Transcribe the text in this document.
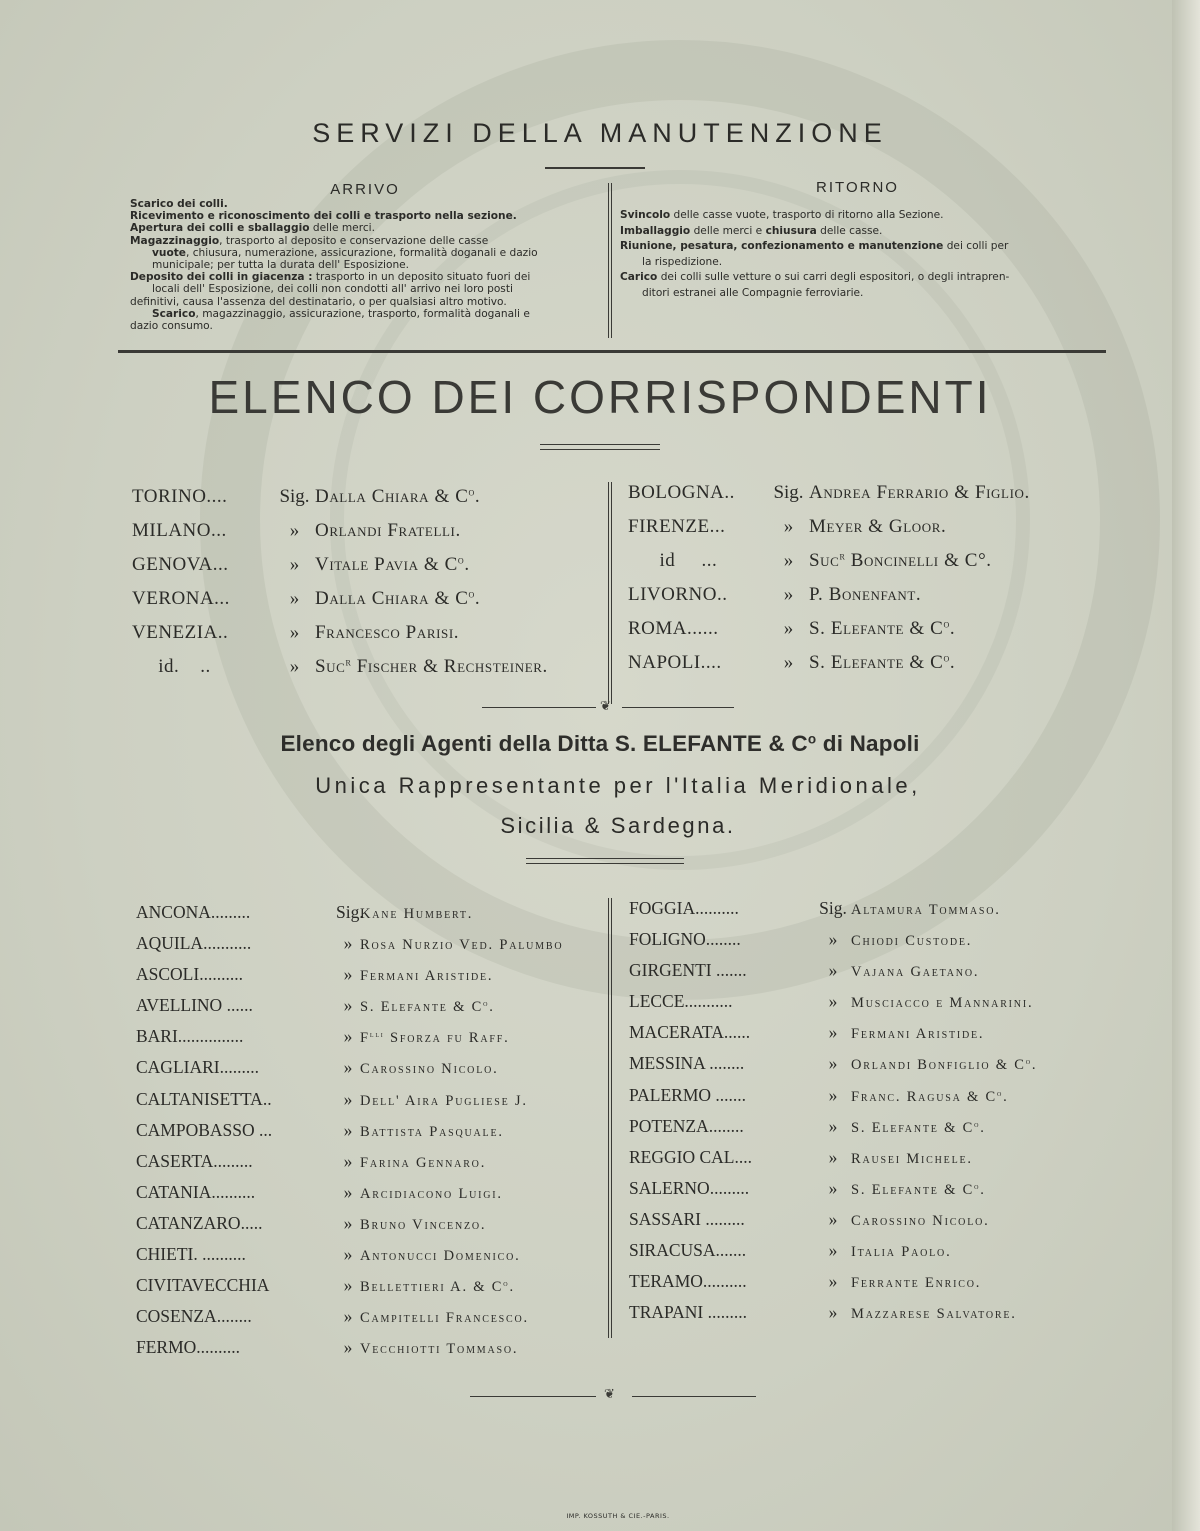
SERVIZI DELLA MANUTENZIONE
ARRIVO
Scarico dei colli.
Ricevimento e riconoscimento dei colli e trasporto nella sezione.
Apertura dei colli e sballaggio delle merci.
Magazzinaggio, trasporto al deposito e conservazione delle casse
vuote, chiusura, numerazione, assicurazione, formalità doganali e dazio
municipale; per tutta la durata dell' Esposizione.
Deposito dei colli in giacenza : trasporto in un deposito situato fuori dei
locali dell' Esposizione, dei colli non condotti all' arrivo nei loro posti
definitivi, causa l'assenza del destinatario, o per qualsiasi altro motivo.
Scarico, magazzinaggio, assicurazione, trasporto, formalità doganali e
dazio consumo.
RITORNO
Svincolo delle casse vuote, trasporto di ritorno alla Sezione.
Imballaggio delle merci e chiusura delle casse.
Riunione, pesatura, confezionamento e manutenzione dei colli per
la rispedizione.
Carico dei colli sulle vetture o sui carri degli espositori, o degli intrapren-
ditori estranei alle Compagnie ferroviarie.
ELENCO DEI CORRISPONDENTI
TORINO....	Sig. Dalla Chiara & $C^o$.
MILANO...	» Orlandi Fratelli.
GENOVA...	» Vitale Pavia & $C^o$.
VERONA...	» Dalla Chiara & $C^o$.
VENEZIA..	» Francesco Parisi.
id.    ..	» Suc$^r$ Fischer & Rechsteiner.
BOLOGNA.. Sig. Andrea Ferrario & Figlio.
FIRENZE...	» Meyer & Gloor.
id     ...	» Suc$^r$ Boncinelli & C°.
LIVORNO..	» P. Bonenfant.
ROMA......	» S. Elefante & $C^o$.
NAPOLI....	» S. Elefante & $C^o$.
❦
Elenco degli Agenti della Ditta S. ELEFANTE & $C^o$ di Napoli
Unica Rappresentante per l'Italia Meridionale,
Sicilia & Sardegna.
ANCONA.........	Sig.Kane Humbert.
AQUILA...........	» Rosa Nurzio Ved. Palumbo
ASCOLI..........	» Fermani Aristide.
AVELLINO ......	» S. Elefante & $C^o$.
BARI...............	» $F^{lli}$ Sforza fu Raff.
CAGLIARI.........	» Carossino Nicolo.
CALTANISETTA..	» Dell' Aira Pugliese J.
CAMPOBASSO ...	» Battista Pasquale.
CASERTA.........	» Farina Gennaro.
CATANIA..........	» Arcidiacono Luigi.
CATANZARO.....	» Bruno Vincenzo.
CHIETI. ..........	» Antonucci Domenico.
CIVITAVECCHIA	» Bellettieri A. & $C^o$.
COSENZA........	» Campitelli Francesco.
FERMO..........	» Vecchiotti Tommaso.
FOGGIA..........	Sig. Altamura Tommaso.
FOLIGNO........	» Chiodi Custode.
GIRGENTI .......	» Vajana Gaetano.
LECCE...........	» Musciacco e Mannarini.
MACERATA......	» Fermani Aristide.
MESSINA ........	» Orlandi Bonfiglio & $C^o$.
PALERMO .......	» Franc. Ragusa & $C^o$.
POTENZA........	» S. Elefante & $C^o$.
REGGIO CAL....	» Rausei Michele.
SALERNO.........	» S. Elefante & $C^o$.
SASSARI .........	» Carossino Nicolo.
SIRACUSA.......	» Italia Paolo.
TERAMO..........	» Ferrante Enrico.
TRAPANI .........	» Mazzarese Salvatore.
❦
IMP. KOSSUTH & CIE.-PARIS.
